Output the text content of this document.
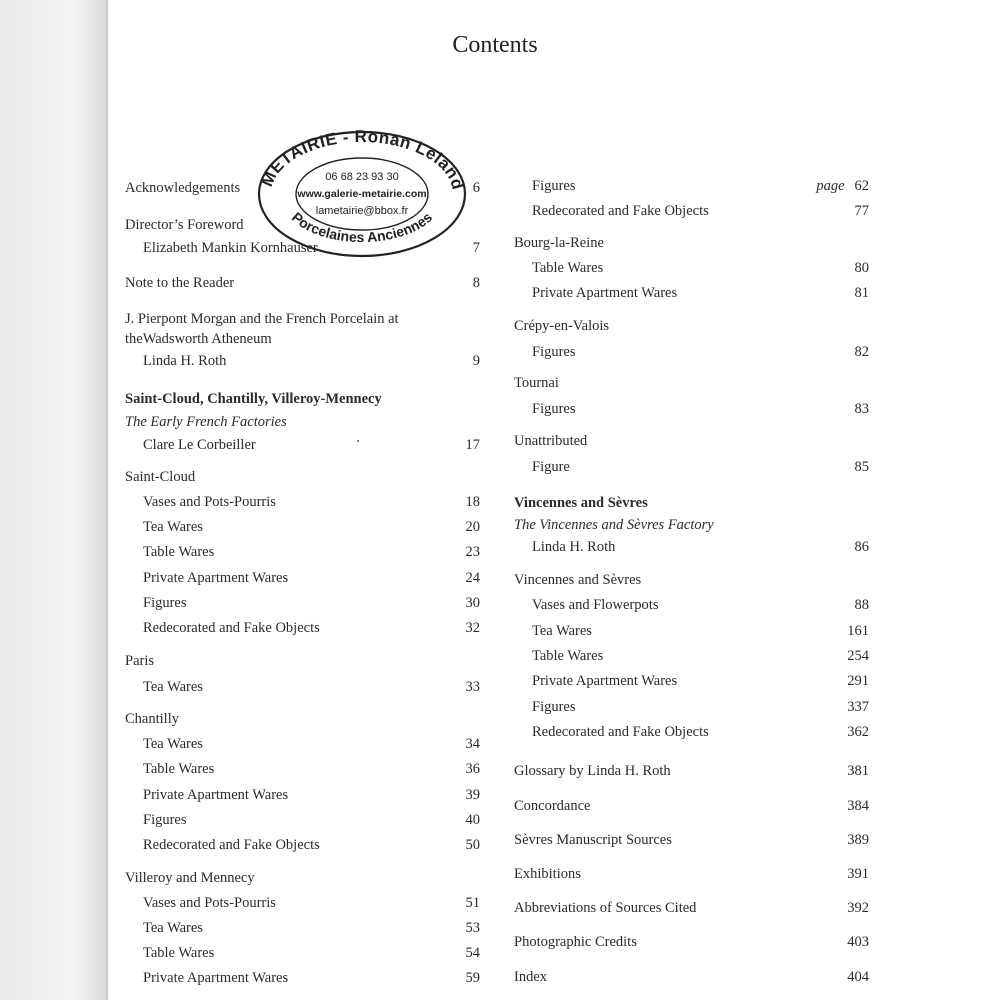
Contents
Acknowledgements	6
Director’s Foreword
Elizabeth Mankin Kornhauser	7
Note to the Reader	8
J. Pierpont Morgan and the French Porcelain at
theWadsworth Atheneum
Linda H. Roth	9
Saint-Cloud, Chantilly, Villeroy-Mennecy
The Early French Factories
Clare Le Corbeiller	17
Saint-Cloud
Vases and Pots-Pourris	18
Tea Wares	20
Table Wares	23
Private Apartment Wares	24
Figures	30
Redecorated and Fake Objects	32
Paris
Tea Wares	33
Chantilly
Tea Wares	34
Table Wares	36
Private Apartment Wares	39
Figures	40
Redecorated and Fake Objects	50
Villeroy and Mennecy
Vases and Pots-Pourris	51
Tea Wares	53
Table Wares	54
Private Apartment Wares	59
Figures	page 62
Redecorated and Fake Objects	77
Bourg-la-Reine
Table Wares	80
Private Apartment Wares	81
Crépy-en-Valois
Figures	82
Tournai
Figures	83
Unattributed
Figure	85
Vincennes and Sèvres
The Vincennes and Sèvres Factory
Linda H. Roth	86
Vincennes and Sèvres
Vases and Flowerpots	88
Tea Wares	161
Table Wares	254
Private Apartment Wares	291
Figures	337
Redecorated and Fake Objects	362
Glossary by Linda H. Roth	381
Concordance	384
Sèvres Manuscript Sources	389
Exhibitions	391
Abbreviations of Sources Cited	392
Photographic Credits	403
Index	404
METAIRIE - Ronan Leland
Porcelaines Anciennes
06 68 23 93 30
www.galerie-metairie.com
lametairie@bbox.fr
